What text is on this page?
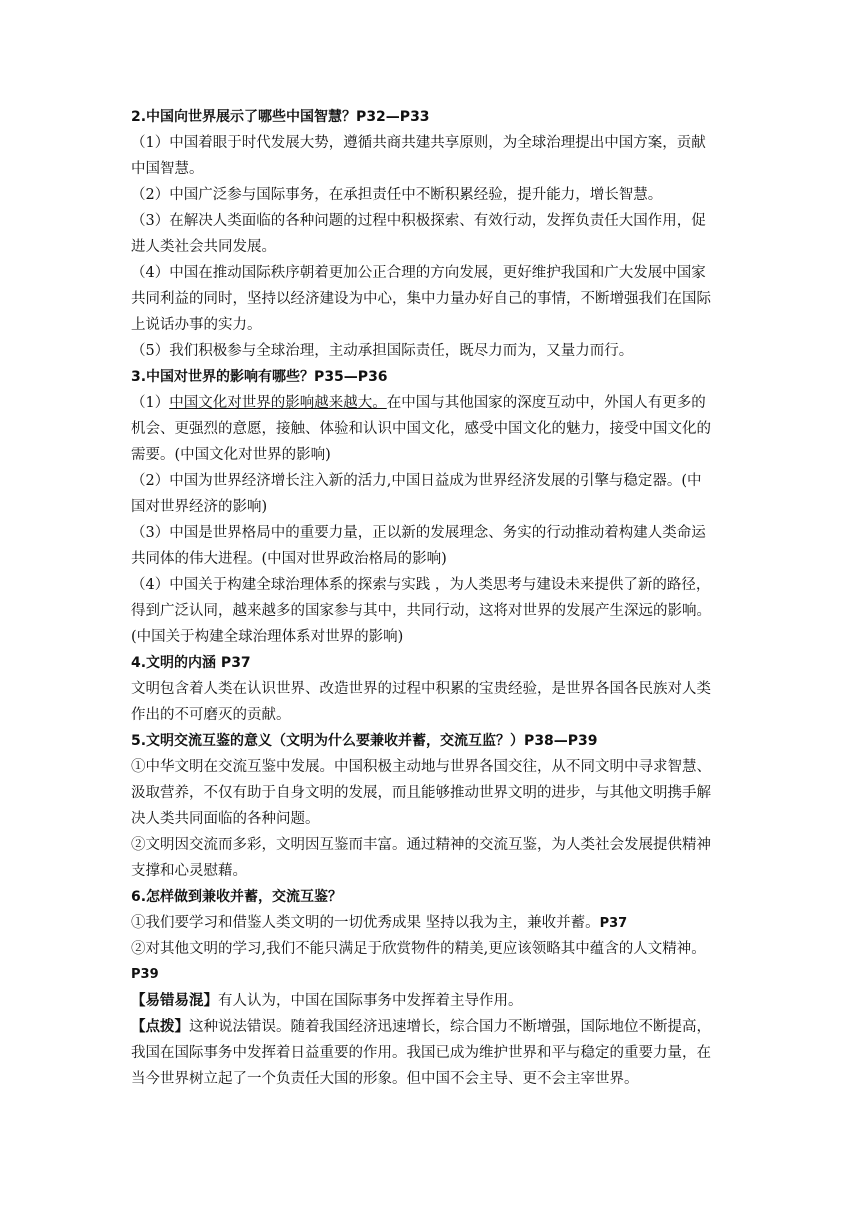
2.中国向世界展示了哪些中国智慧？P32—P33
（1）中国着眼于时代发展大势，遵循共商共建共享原则，为全球治理提出中国方案，贡献
中国智慧。
（2）中国广泛参与国际事务，在承担责任中不断积累经验，提升能力，增长智慧。
（3）在解决人类面临的各种问题的过程中积极探索、有效行动，发挥负责任大国作用，促
进人类社会共同发展。
（4）中国在推动国际秩序朝着更加公正合理的方向发展，更好维护我国和广大发展中国家
共同利益的同时，坚持以经济建设为中心，集中力量办好自己的事情，不断增强我们在国际
上说话办事的实力。
（5）我们积极参与全球治理，主动承担国际责任，既尽力而为，又量力而行。
3.中国对世界的影响有哪些？P35—P36
（1）中国文化对世界的影响越来越大。在中国与其他国家的深度互动中，外国人有更多的
机会、更强烈的意愿，接触、体验和认识中国文化，感受中国文化的魅力，接受中国文化的
需要。(中国文化对世界的影响)
（2）中国为世界经济增长注入新的活力,中国日益成为世界经济发展的引擎与稳定器。(中
国对世界经济的影响)
（3）中国是世界格局中的重要力量，正以新的发展理念、务实的行动推动着构建人类命运
共同体的伟大进程。(中国对世界政治格局的影响)
（4）中国关于构建全球治理体系的探索与实践 ，为人类思考与建设未来提供了新的路径，
得到广泛认同，越来越多的国家参与其中，共同行动，这将对世界的发展产生深远的影响。
(中国关于构建全球治理体系对世界的影响)
4.文明的内涵 P37
文明包含着人类在认识世界、改造世界的过程中积累的宝贵经验，是世界各国各民族对人类
作出的不可磨灭的贡献。
5.文明交流互鉴的意义（文明为什么要兼收并蓄，交流互监？）P38—P39
①中华文明在交流互鉴中发展。中国积极主动地与世界各国交往，从不同文明中寻求智慧、
汲取营养，不仅有助于自身文明的发展，而且能够推动世界文明的进步，与其他文明携手解
决人类共同面临的各种问题。
②文明因交流而多彩，文明因互鉴而丰富。通过精神的交流互鉴，为人类社会发展提供精神
支撑和心灵慰藉。
6.怎样做到兼收并蓄，交流互鉴？
①我们要学习和借鉴人类文明的一切优秀成果 坚持以我为主，兼收并蓄。P37
②对其他文明的学习,我们不能只满足于欣赏物件的精美,更应该领略其中蕴含的人文精神。
P39
【易错易混】有人认为，中国在国际事务中发挥着主导作用。
【点拨】这种说法错误。随着我国经济迅速增长，综合国力不断增强，国际地位不断提高，
我国在国际事务中发挥着日益重要的作用。我国已成为维护世界和平与稳定的重要力量，在
当今世界树立起了一个负责任大国的形象。但中国不会主导、更不会主宰世界。
